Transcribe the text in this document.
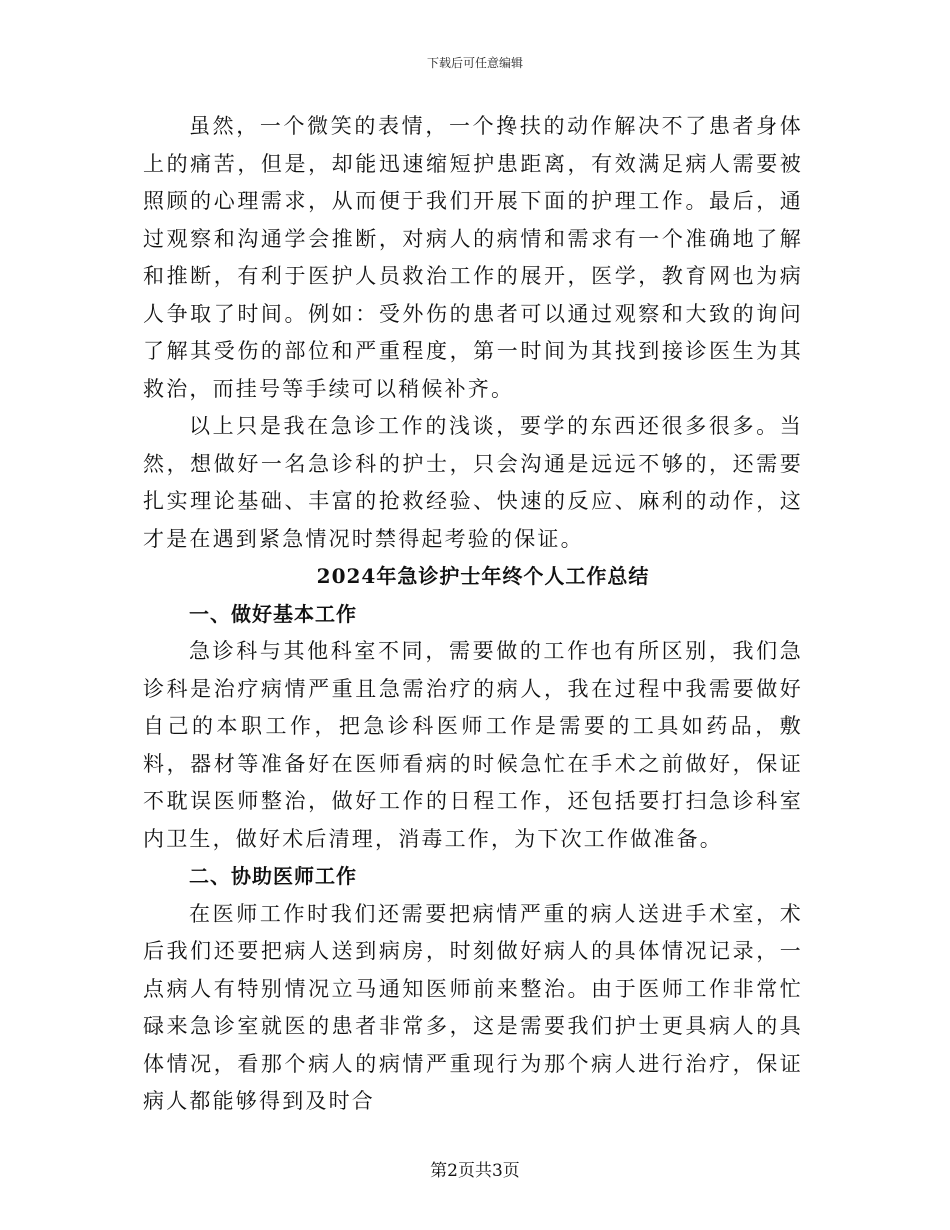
下载后可任意编辑

虽然，一个微笑的表情，一个搀扶的动作解决不了患者身体上的痛苦，但是，却能迅速缩短护患距离，有效满足病人需要被照顾的心理需求，从而便于我们开展下面的护理工作。最后，通过观察和沟通学会推断，对病人的病情和需求有一个准确地了解和推断，有利于医护人员救治工作的展开，医学，教育网也为病人争取了时间。例如：受外伤的患者可以通过观察和大致的询问了解其受伤的部位和严重程度，第一时间为其找到接诊医生为其救治，而挂号等手续可以稍候补齐。

以上只是我在急诊工作的浅谈，要学的东西还很多很多。当然，想做好一名急诊科的护士，只会沟通是远远不够的，还需要扎实理论基础、丰富的抢救经验、快速的反应、麻利的动作，这才是在遇到紧急情况时禁得起考验的保证。

2024年急诊护士年终个人工作总结

一、做好基本工作

急诊科与其他科室不同，需要做的工作也有所区别，我们急诊科是治疗病情严重且急需治疗的病人，我在过程中我需要做好自己的本职工作，把急诊科医师工作是需要的工具如药品，敷料，器材等准备好在医师看病的时候急忙在手术之前做好，保证不耽误医师整治，做好工作的日程工作，还包括要打扫急诊科室内卫生，做好术后清理，消毒工作，为下次工作做准备。

二、协助医师工作

在医师工作时我们还需要把病情严重的病人送进手术室，术后我们还要把病人送到病房，时刻做好病人的具体情况记录，一点病人有特别情况立马通知医师前来整治。由于医师工作非常忙碌来急诊室就医的患者非常多，这是需要我们护士更具病人的具体情况，看那个病人的病情严重现行为那个病人进行治疗，保证病人都能够得到及时合

第2页共3页
